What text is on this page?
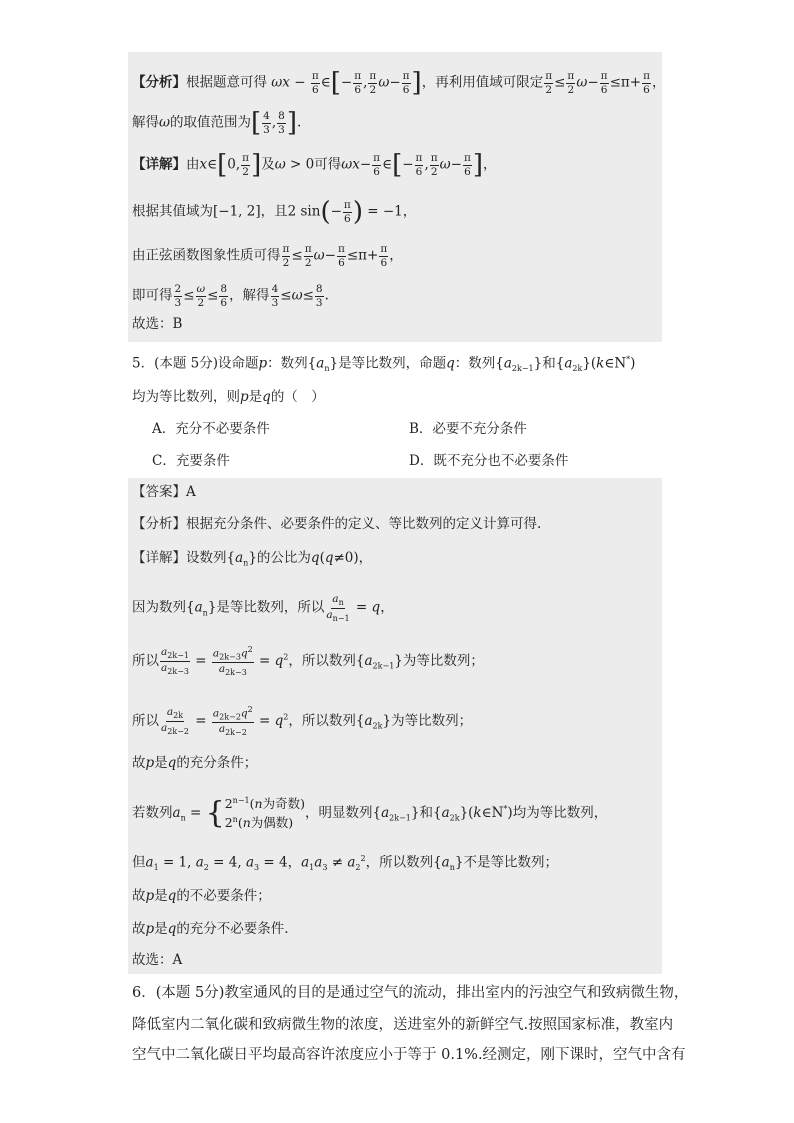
【分析】根据题意可得 $\omega x - \frac{\pi}{6}$ ∈[− $\frac{\pi}{6}$ , $\frac{\pi}{2} \omega- \frac{\pi}{6}$ ]，再利用值域可限定 $\frac{\pi}{2} \le \frac{\pi}{2} \omega- \frac{\pi}{6} \le\pi+ \frac{\pi}{6}$ ，
解得ω的取值范围为[ $\frac{4}{3}$ , $\frac{8}{3}$ ].
【详解】由x∈[0, $\frac{\pi}{2}$ ]及ω > 0可得$\omega x- \frac{\pi}{6}$ ∈[− $\frac{\pi}{6}$ , $\frac{\pi}{2} \omega- \frac{\pi}{6}$ ]，
根据其值域为[−1, 2]，且2 $\sin(- \frac{\pi}{6}$ ) = −1，
由正弦函数图象性质可得 $\frac{\pi}{2} \le \frac{\pi}{2} \omega- \frac{\pi}{6} \le\pi+ \frac{\pi}{6}$ ，
即可得 $\frac{2}{3} \le \frac{\omega}{2} \le \frac{8}{6}$ ，解得 $\frac{4}{3} \le\omega\le \frac{8}{3}$ .
故选：B
5．(本题 5分)设命题p：数列$\{a_n\}$是等比数列，命题q：数列$\{a_{2k-1}\}$和$\{a_{2k}\}(k\in N^*)$
均为等比数列，则p是q的（　）
A．充分不必要条件	B．必要不充分条件
C．充要条件	D．既不充分也不必要条件
【答案】A
【分析】根据充分条件、必要条件的定义、等比数列的定义计算可得.
【详解】设数列$\{a_n\}$的公比为q(q≠0)，
因为数列$\{a_n\}$是等比数列，所以 $\frac{a_n}{a_{n-1}} = q$，
所以 $\frac{a_{2k-1}}{a_{2k-3}} = \frac{a_{2k-3}q^2}{a_{2k-3}} = q^2$，所以数列$\{a_{2k-1}\}$为等比数列；
所以 $\frac{a_{2k}}{a_{2k-2}} = \frac{a_{2k-2}q^2}{a_{2k-2}} = q^2$，所以数列$\{a_{2k}\}$为等比数列；
故p是q的充分条件；
若数列$a_n$ = { $2^{n-1}(n$为奇数)
2$^n$(n为偶数)
，明显数列$\{a_{2k-1}\}$和$\{a_{2k}\}(k\in N^*)$均为等比数列，
但$a_1 = 1$, $a_2 = 4$, $a_3 = 4$，$a_1a_3 \ne a_2^2$，所以数列$\{a_n\}$不是等比数列；
故p是q的不必要条件；
故p是q的充分不必要条件.
故选：A
6．(本题 5分)教室通风的目的是通过空气的流动，排出室内的污浊空气和致病微生物，
降低室内二氧化碳和致病微生物的浓度，送进室外的新鲜空气.按照国家标准，教室内
空气中二氧化碳日平均最高容许浓度应小于等于 0.1%.经测定，刚下课时，空气中含有
